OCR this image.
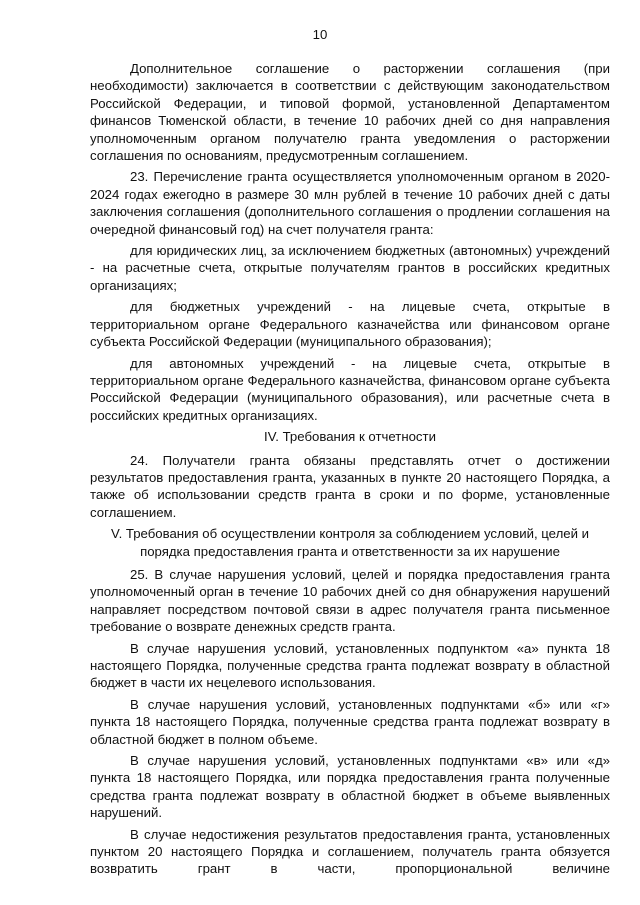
10

Дополнительное соглашение о расторжении соглашения (при необходимости) заключается в соответствии с действующим законодательством Российской Федерации, и типовой формой, установленной Департаментом финансов Тюменской области, в течение 10 рабочих дней со дня направления уполномоченным органом получателю гранта уведомления о расторжении соглашения по основаниям, предусмотренным соглашением.

23. Перечисление гранта осуществляется уполномоченным органом в 2020-2024 годах ежегодно в размере 30 млн рублей в течение 10 рабочих дней с даты заключения соглашения (дополнительного соглашения о продлении соглашения на очередной финансовый год) на счет получателя гранта:

для юридических лиц, за исключением бюджетных (автономных) учреждений - на расчетные счета, открытые получателям грантов в российских кредитных организациях;

для бюджетных учреждений - на лицевые счета, открытые в территориальном органе Федерального казначейства или финансовом органе субъекта Российской Федерации (муниципального образования);

для автономных учреждений - на лицевые счета, открытые в территориальном органе Федерального казначейства, финансовом органе субъекта Российской Федерации (муниципального образования), или расчетные счета в российских кредитных организациях.

IV. Требования к отчетности

24. Получатели гранта обязаны представлять отчет о достижении результатов предоставления гранта, указанных в пункте 20 настоящего Порядка, а также об использовании средств гранта в сроки и по форме, установленные соглашением.

V. Требования об осуществлении контроля за соблюдением условий, целей и порядка предоставления гранта и ответственности за их нарушение

25. В случае нарушения условий, целей и порядка предоставления гранта уполномоченный орган в течение 10 рабочих дней со дня обнаружения нарушений направляет посредством почтовой связи в адрес получателя гранта письменное требование о возврате денежных средств гранта.

В случае нарушения условий, установленных подпунктом «а» пункта 18 настоящего Порядка, полученные средства гранта подлежат возврату в областной бюджет в части их нецелевого использования.

В случае нарушения условий, установленных подпунктами «б» или «г» пункта 18 настоящего Порядка, полученные средства гранта подлежат возврату в областной бюджет в полном объеме.

В случае нарушения условий, установленных подпунктами «в» или «д» пункта 18 настоящего Порядка, или порядка предоставления гранта полученные средства гранта подлежат возврату в областной бюджет в объеме выявленных нарушений.

В случае недостижения результатов предоставления гранта, установленных пунктом 20 настоящего Порядка и соглашением, получатель гранта обязуется возвратить грант в части, пропорциональной величине
